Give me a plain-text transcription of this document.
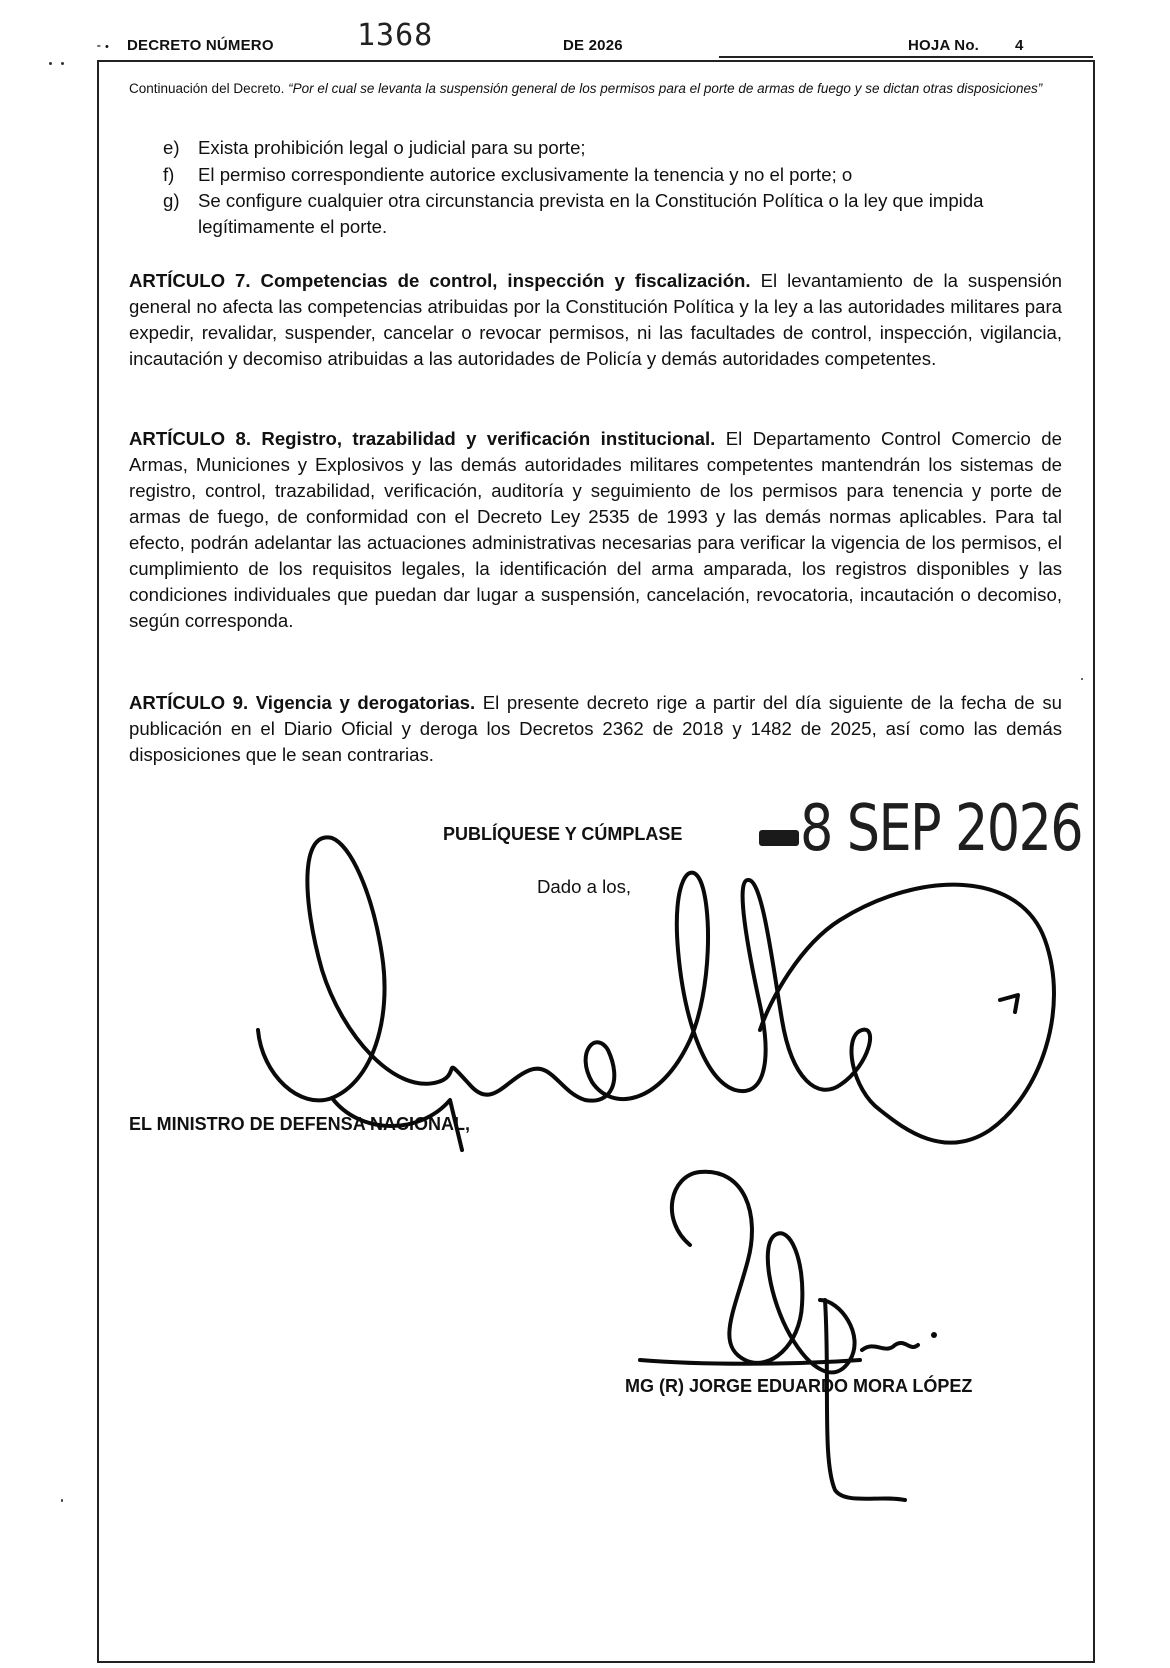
⁃ • DECRETO NÚMERO	1368	DE 2026	HOJA No. 4
Continuación del Decreto. “Por el cual se levanta la suspensión general de los permisos para el porte de armas de fuego y se dictan otras disposiciones”
e) Exista prohibición legal o judicial para su porte;
f) El permiso correspondiente autorice exclusivamente la tenencia y no el porte; o
g) Se configure cualquier otra circunstancia prevista en la Constitución Política o la ley que impida legítimamente el porte.

ARTÍCULO 7. Competencias de control, inspección y fiscalización. El levantamiento de la suspensión general no afecta las competencias atribuidas por la Constitución Política y la ley a las autoridades militares para expedir, revalidar, suspender, cancelar o revocar permisos, ni las facultades de control, inspección, vigilancia, incautación y decomiso atribuidas a las autoridades de Policía y demás autoridades competentes.

ARTÍCULO 8. Registro, trazabilidad y verificación institucional. El Departamento Control Comercio de Armas, Municiones y Explosivos y las demás autoridades militares competentes mantendrán los sistemas de registro, control, trazabilidad, verificación, auditoría y seguimiento de los permisos para tenencia y porte de armas de fuego, de conformidad con el Decreto Ley 2535 de 1993 y las demás normas aplicables. Para tal efecto, podrán adelantar las actuaciones administrativas necesarias para verificar la vigencia de los permisos, el cumplimiento de los requisitos legales, la identificación del arma amparada, los registros disponibles y las condiciones individuales que puedan dar lugar a suspensión, cancelación, revocatoria, incautación o decomiso, según corresponda.

ARTÍCULO 9. Vigencia y derogatorias. El presente decreto rige a partir del día siguiente de la fecha de su publicación en el Diario Oficial y deroga los Decretos 2362 de 2018 y 1482 de 2025, así como las demás disposiciones que le sean contrarias.

PUBLÍQUESE Y CÚMPLASE 8 SEP 2026
Dado a los,
EL MINISTRO DE DEFENSA NACIONAL,
MG (R) JORGE EDUARDO MORA LÓPEZ
